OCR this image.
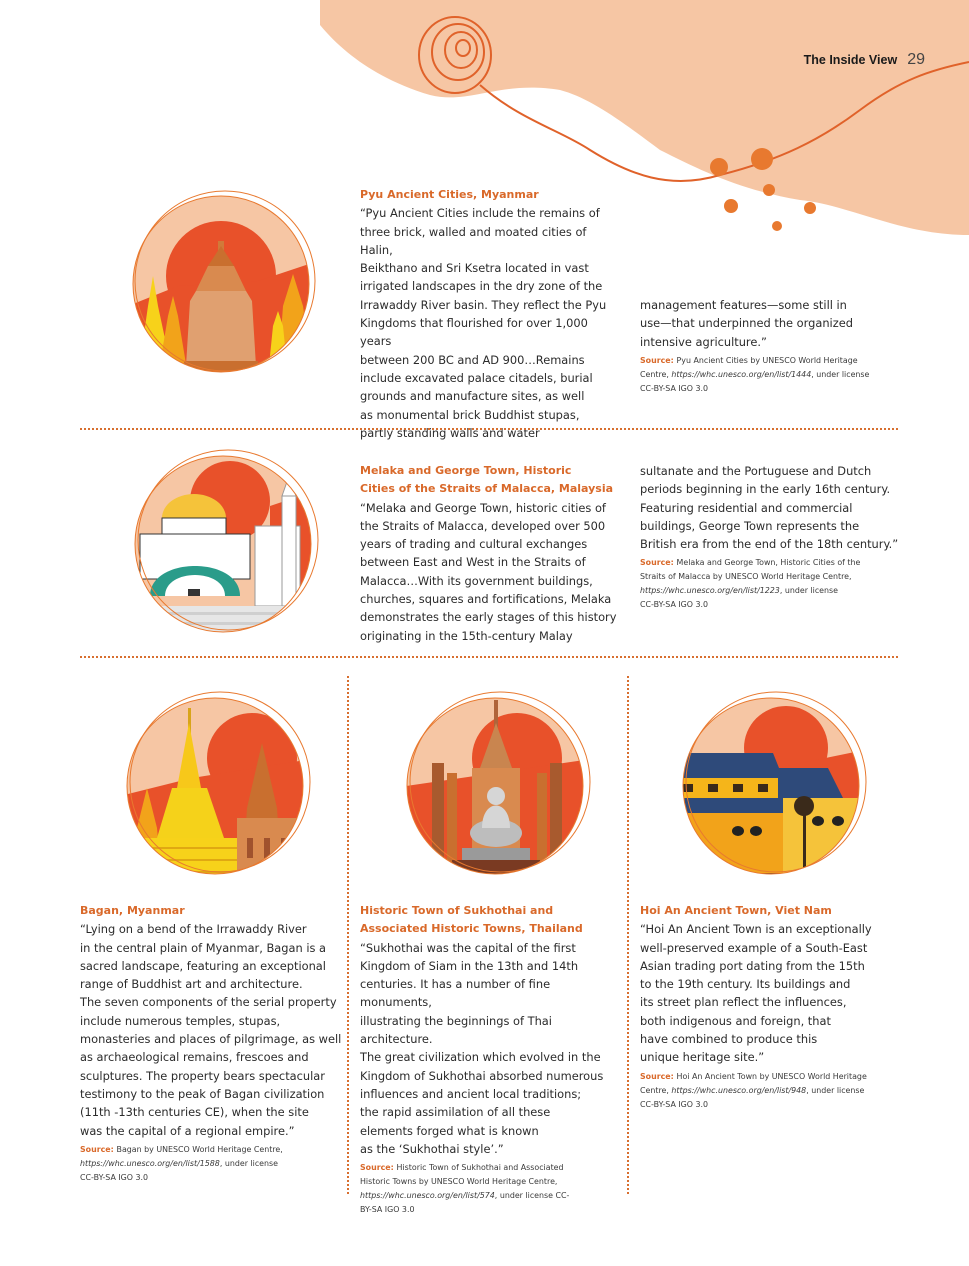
The Inside View 29
Pyu Ancient Cities, Myanmar
“Pyu Ancient Cities include the remains of
three brick, walled and moated cities of Halin,
Beikthano and Sri Ksetra located in vast
irrigated landscapes in the dry zone of the
Irrawaddy River basin. They reflect the Pyu
Kingdoms that flourished for over 1,000 years
between 200 BC and AD 900…Remains
include excavated palace citadels, burial
grounds and manufacture sites, as well
as monumental brick Buddhist stupas,
partly standing walls and water
management features—some still in
use—that underpinned the organized
intensive agriculture.”
Source: Pyu Ancient Cities by UNESCO World Heritage
Centre, https://whc.unesco.org/en/list/1444, under license
CC-BY-SA IGO 3.0
Melaka and George Town, Historic
Cities of the Straits of Malacca, Malaysia
“Melaka and George Town, historic cities of
the Straits of Malacca, developed over 500
years of trading and cultural exchanges
between East and West in the Straits of
Malacca…With its government buildings,
churches, squares and fortifications, Melaka
demonstrates the early stages of this history
originating in the 15th-century Malay
sultanate and the Portuguese and Dutch
periods beginning in the early 16th century.
Featuring residential and commercial
buildings, George Town represents the
British era from the end of the 18th century.”
Source: Melaka and George Town, Historic Cities of the
Straits of Malacca by UNESCO World Heritage Centre,
https://whc.unesco.org/en/list/1223, under license
CC-BY-SA IGO 3.0
Bagan, Myanmar
“Lying on a bend of the Irrawaddy River
in the central plain of Myanmar, Bagan is a
sacred landscape, featuring an exceptional
range of Buddhist art and architecture.
The seven components of the serial property
include numerous temples, stupas,
monasteries and places of pilgrimage, as well
as archaeological remains, frescoes and
sculptures. The property bears spectacular
testimony to the peak of Bagan civilization
(11th -13th centuries CE), when the site
was the capital of a regional empire.”
Source: Bagan by UNESCO World Heritage Centre,
https://whc.unesco.org/en/list/1588, under license
CC-BY-SA IGO 3.0
Historic Town of Sukhothai and
Associated Historic Towns, Thailand
“Sukhothai was the capital of the first
Kingdom of Siam in the 13th and 14th
centuries. It has a number of fine monuments,
illustrating the beginnings of Thai architecture.
The great civilization which evolved in the
Kingdom of Sukhothai absorbed numerous
influences and ancient local traditions;
the rapid assimilation of all these
elements forged what is known
as the ‘Sukhothai style’.”
Source: Historic Town of Sukhothai and Associated
Historic Towns by UNESCO World Heritage Centre,
https://whc.unesco.org/en/list/574, under license CC-
BY-SA IGO 3.0
Hoi An Ancient Town, Viet Nam
“Hoi An Ancient Town is an exceptionally
well-preserved example of a South-East
Asian trading port dating from the 15th
to the 19th century. Its buildings and
its street plan reflect the influences,
both indigenous and foreign, that
have combined to produce this
unique heritage site.”
Source: Hoi An Ancient Town by UNESCO World Heritage
Centre, https://whc.unesco.org/en/list/948, under license
CC-BY-SA IGO 3.0
